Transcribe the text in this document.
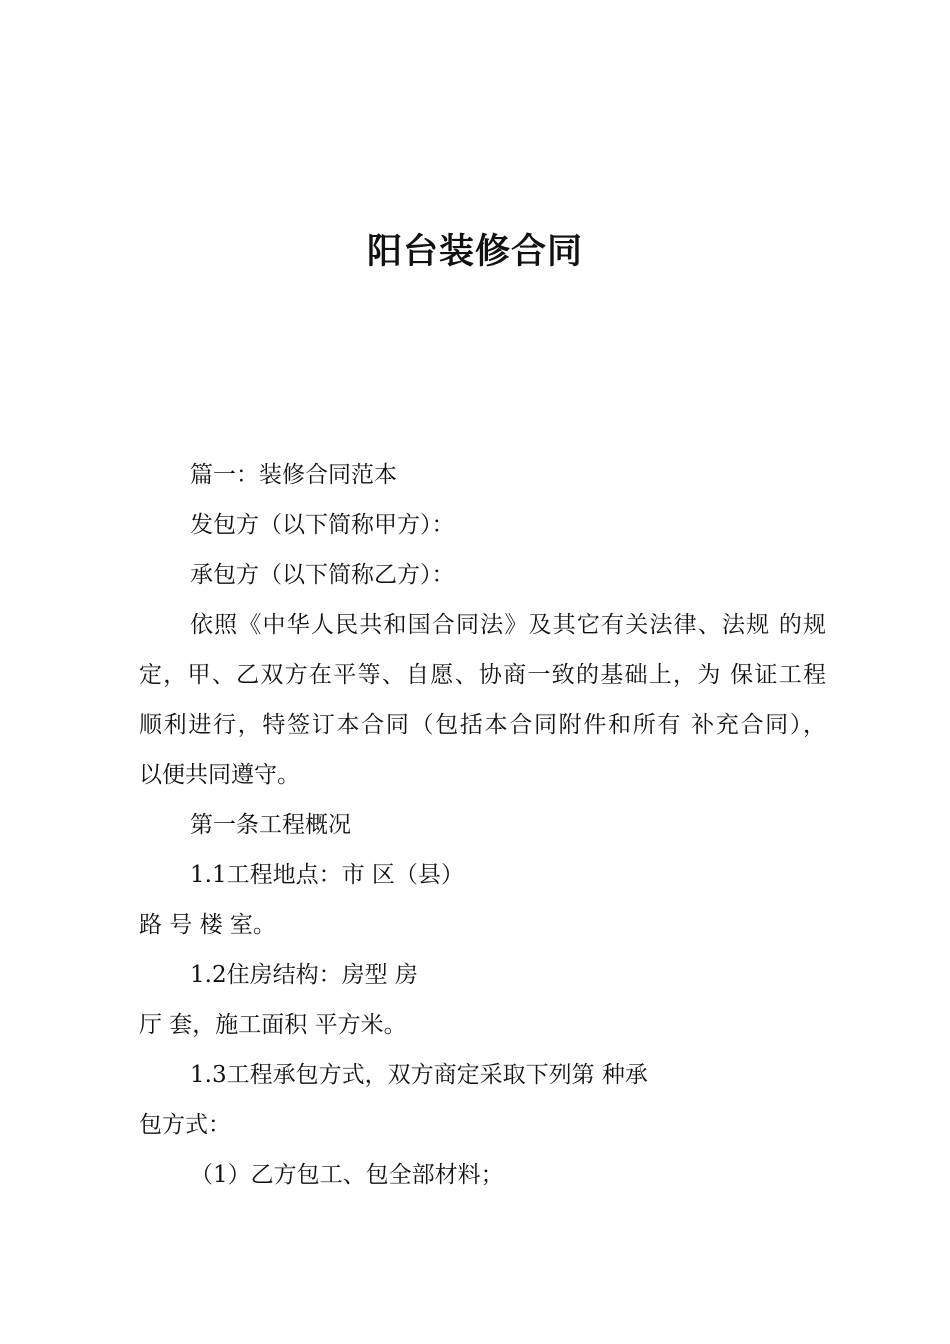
阳台装修合同

篇一：装修合同范本

发包方（以下简称甲方）：

承包方（以下简称乙方）：

依照《中华人民共和国合同法》及其它有关法律、法规 的规

定，甲、乙双方在平等、自愿、协商一致的基础上，为 保证工程

顺利进行，特签订本合同（包括本合同附件和所有 补充合同），

以便共同遵守。

第一条工程概况

1.1工程地点：市 区（县）

路 号 楼 室。

1.2住房结构：房型 房

厅 套，施工面积 平方米。

1.3工程承包方式，双方商定采取下列第 种承

包方式：

（1）乙方包工、包全部材料；
